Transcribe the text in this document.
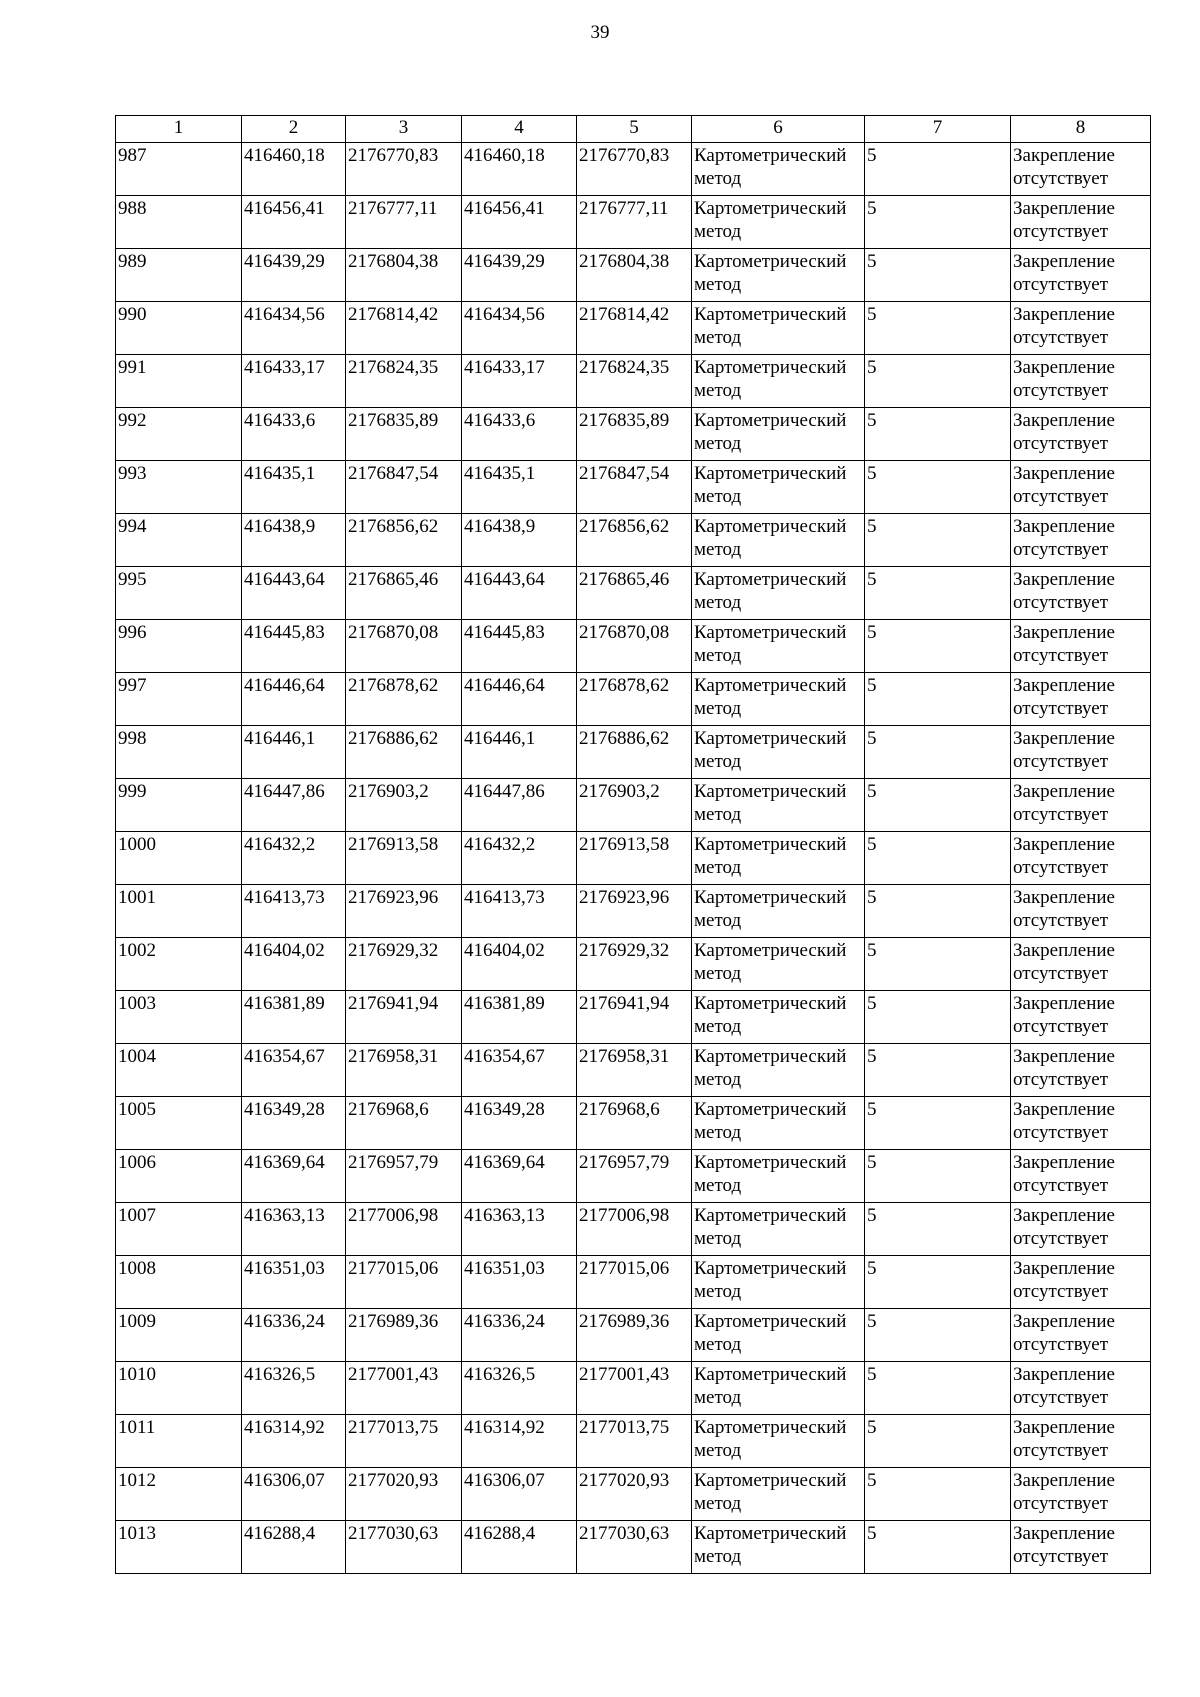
39
1	2	3	4	5	6	7	8
987	416460,18	2176770,83	416460,18	2176770,83	Картометрический метод	5	Закрепление отсутствует
988	416456,41	2176777,11	416456,41	2176777,11	Картометрический метод	5	Закрепление отсутствует
989	416439,29	2176804,38	416439,29	2176804,38	Картометрический метод	5	Закрепление отсутствует
990	416434,56	2176814,42	416434,56	2176814,42	Картометрический метод	5	Закрепление отсутствует
991	416433,17	2176824,35	416433,17	2176824,35	Картометрический метод	5	Закрепление отсутствует
992	416433,6	2176835,89	416433,6	2176835,89	Картометрический метод	5	Закрепление отсутствует
993	416435,1	2176847,54	416435,1	2176847,54	Картометрический метод	5	Закрепление отсутствует
994	416438,9	2176856,62	416438,9	2176856,62	Картометрический метод	5	Закрепление отсутствует
995	416443,64	2176865,46	416443,64	2176865,46	Картометрический метод	5	Закрепление отсутствует
996	416445,83	2176870,08	416445,83	2176870,08	Картометрический метод	5	Закрепление отсутствует
997	416446,64	2176878,62	416446,64	2176878,62	Картометрический метод	5	Закрепление отсутствует
998	416446,1	2176886,62	416446,1	2176886,62	Картометрический метод	5	Закрепление отсутствует
999	416447,86	2176903,2	416447,86	2176903,2	Картометрический метод	5	Закрепление отсутствует
1000	416432,2	2176913,58	416432,2	2176913,58	Картометрический метод	5	Закрепление отсутствует
1001	416413,73	2176923,96	416413,73	2176923,96	Картометрический метод	5	Закрепление отсутствует
1002	416404,02	2176929,32	416404,02	2176929,32	Картометрический метод	5	Закрепление отсутствует
1003	416381,89	2176941,94	416381,89	2176941,94	Картометрический метод	5	Закрепление отсутствует
1004	416354,67	2176958,31	416354,67	2176958,31	Картометрический метод	5	Закрепление отсутствует
1005	416349,28	2176968,6	416349,28	2176968,6	Картометрический метод	5	Закрепление отсутствует
1006	416369,64	2176957,79	416369,64	2176957,79	Картометрический метод	5	Закрепление отсутствует
1007	416363,13	2177006,98	416363,13	2177006,98	Картометрический метод	5	Закрепление отсутствует
1008	416351,03	2177015,06	416351,03	2177015,06	Картометрический метод	5	Закрепление отсутствует
1009	416336,24	2176989,36	416336,24	2176989,36	Картометрический метод	5	Закрепление отсутствует
1010	416326,5	2177001,43	416326,5	2177001,43	Картометрический метод	5	Закрепление отсутствует
1011	416314,92	2177013,75	416314,92	2177013,75	Картометрический метод	5	Закрепление отсутствует
1012	416306,07	2177020,93	416306,07	2177020,93	Картометрический метод	5	Закрепление отсутствует
1013	416288,4	2177030,63	416288,4	2177030,63	Картометрический метод	5	Закрепление отсутствует
